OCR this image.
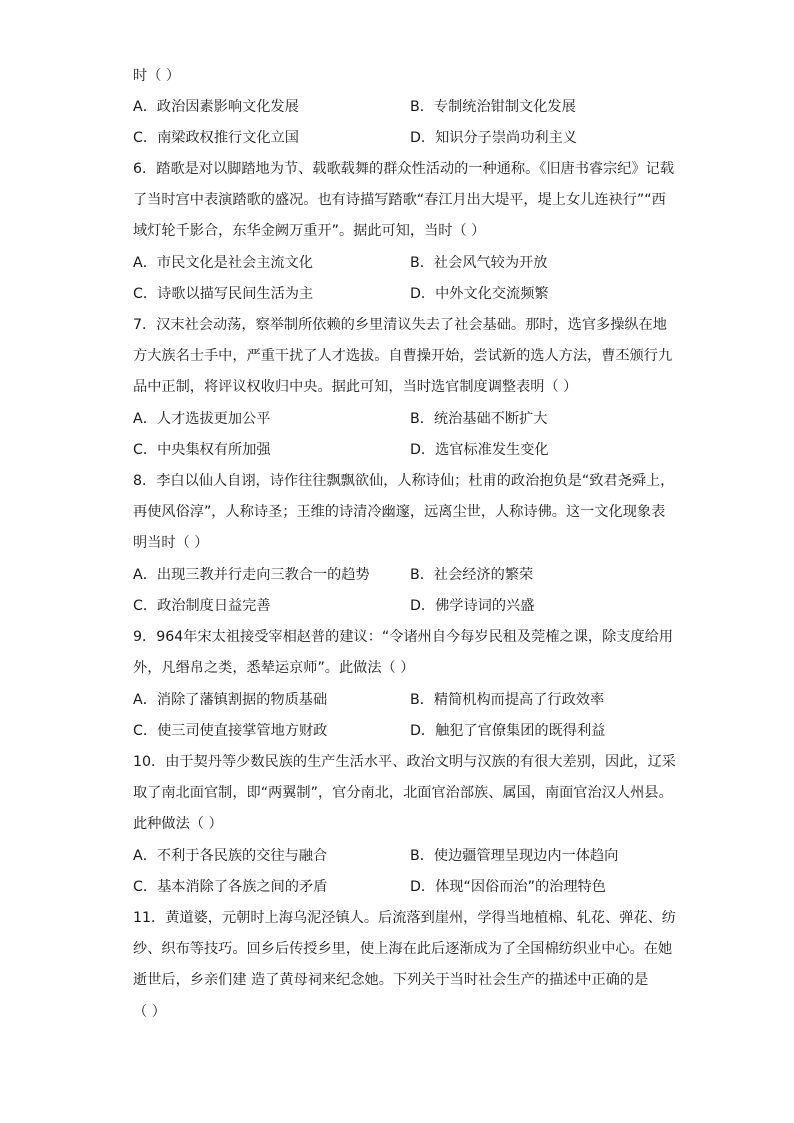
时（ ）
A．政治因素影响文化发展	B．专制统治钳制文化发展
C．南梁政权推行文化立国	D．知识分子崇尚功利主义
6．踏歌是对以脚踏地为节、载歌载舞的群众性活动的一种通称。《旧唐书睿宗纪》记载
了当时宫中表演踏歌的盛况。也有诗描写踏歌“春江月出大堤平，堤上女儿连袂行”“西
域灯轮千影合，东华金阙万重开”。据此可知，当时（ ）
A．市民文化是社会主流文化	B．社会风气较为开放
C．诗歌以描写民间生活为主	D．中外文化交流频繁
7．汉末社会动荡，察举制所依赖的乡里清议失去了社会基础。那时，选官多操纵在地
方大族名士手中，严重干扰了人才选拔。自曹操开始，尝试新的选人方法，曹丕颁行九
品中正制，将评议权收归中央。据此可知，当时选官制度调整表明（ ）
A．人才选拔更加公平	B．统治基础不断扩大
C．中央集权有所加强	D．选官标准发生变化
8．李白以仙人自诩，诗作往往飘飘欲仙，人称诗仙；杜甫的政治抱负是“致君尧舜上，
再使风俗淳”，人称诗圣；王维的诗清冷幽邃，远离尘世，人称诗佛。这一文化现象表
明当时（ ）
A．出现三教并行走向三教合一的趋势	B．社会经济的繁荣
C．政治制度日益完善	D．佛学诗词的兴盛
9．964年宋太祖接受宰相赵普的建议：“令诸州自今每岁民租及莞榷之课，除支度给用
外，凡缗帛之类，悉辇运京师”。此做法（ ）
A．消除了藩镇割据的物质基础	B．精简机构而提高了行政效率
C．使三司使直接掌管地方财政	D．触犯了官僚集团的既得利益
10．由于契丹等少数民族的生产生活水平、政治文明与汉族的有很大差别，因此，辽采
取了南北面官制，即“两翼制”，官分南北，北面官治部族、属国，南面官治汉人州县。
此种做法（ ）
A．不利于各民族的交往与融合	B．使边疆管理呈现边内一体趋向
C．基本消除了各族之间的矛盾	D．体现“因俗而治”的治理特色
11．黄道婆，元朝时上海乌泥泾镇人。后流落到崖州，学得当地植棉、轧花、弹花、纺
纱、织布等技巧。回乡后传授乡里，使上海在此后逐渐成为了全国棉纺织业中心。在她
逝世后，乡亲们建 造了黄母祠来纪念她。下列关于当时社会生产的描述中正确的是
（ ）
